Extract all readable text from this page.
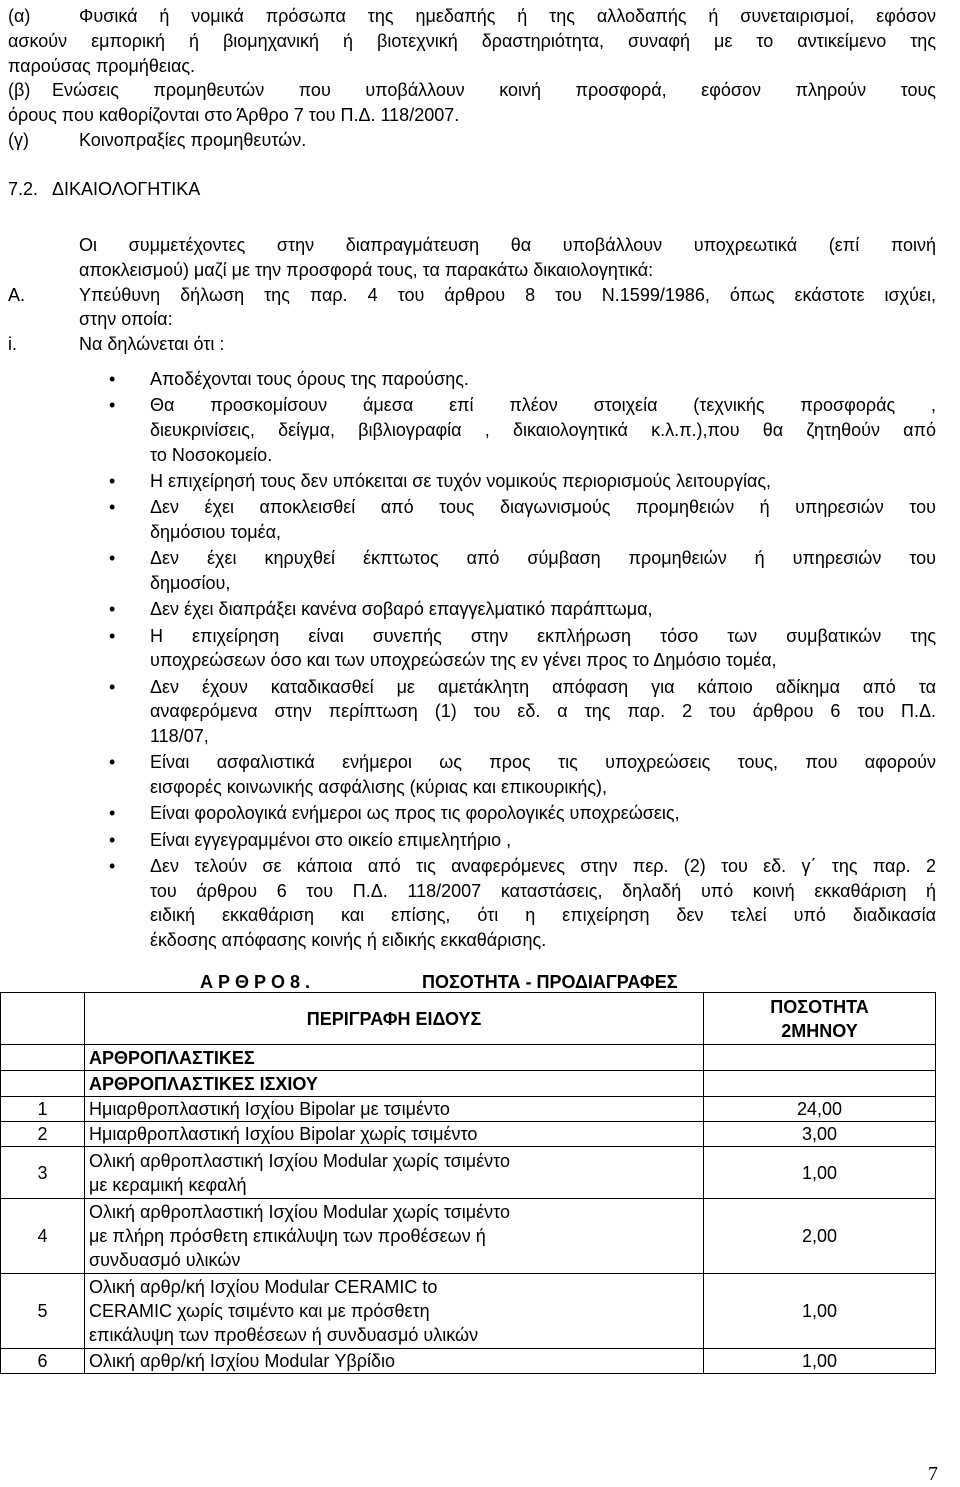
(α)	Φυσικά ή νομικά πρόσωπα της ημεδαπής ή της αλλοδαπής ή συνεταιρισμοί, εφόσον
ασκούν εμπορική ή βιομηχανική ή βιοτεχνική δραστηριότητα, συναφή με το αντικείμενο της
παρούσας προμήθειας.
(β) Ενώσεις προμηθευτών που υποβάλλουν κοινή προσφορά, εφόσον πληρούν τους
όρους που καθορίζονται στο Άρθρο 7 του Π.Δ. 118/2007.
(γ)	Κοινοπραξίες προμηθευτών.
7.2. ΔΙΚΑΙΟΛΟΓΗΤΙΚΑ
Οι συμμετέχοντες στην διαπραγμάτευση θα υποβάλλουν υποχρεωτικά (επί ποινή
αποκλεισμού) μαζί με την προσφορά τους, τα παρακάτω δικαιολογητικά:
Α.	Υπεύθυνη δήλωση της παρ. 4 του άρθρου 8 του Ν.1599/1986, όπως εκάστοτε ισχύει,
στην οποία:
i.	Να δηλώνεται ότι :
• Αποδέχονται τους όρους της παρούσης.
• Θα προσκομίσουν άμεσα επί πλέον στοιχεία (τεχνικής προσφοράς ,
διευκρινίσεις, δείγμα, βιβλιογραφία , δικαιολογητικά κ.λ.π.),που θα ζητηθούν από
το Νοσοκομείο.
• Η επιχείρησή τους δεν υπόκειται σε τυχόν νομικούς περιορισμούς λειτουργίας,
• Δεν έχει αποκλεισθεί από τους διαγωνισμούς προμηθειών ή υπηρεσιών του
δημόσιου τομέα,
• Δεν έχει κηρυχθεί έκπτωτος από σύμβαση προμηθειών ή υπηρεσιών του
δημοσίου,
• Δεν έχει διαπράξει κανένα σοβαρό επαγγελματικό παράπτωμα,
• Η επιχείρηση είναι συνεπής στην εκπλήρωση τόσο των συμβατικών της
υποχρεώσεων όσο και των υποχρεώσεών της εν γένει προς το Δημόσιο τομέα,
• Δεν έχουν καταδικασθεί με αμετάκλητη απόφαση για κάποιο αδίκημα από τα
αναφερόμενα στην περίπτωση (1) του εδ. α της παρ. 2 του άρθρου 6 του Π.Δ.
118/07,
• Είναι ασφαλιστικά ενήμεροι ως προς τις υποχρεώσεις τους, που αφορούν
εισφορές κοινωνικής ασφάλισης (κύριας και επικουρικής),
• Είναι φορολογικά ενήμεροι ως προς τις φορολογικές υποχρεώσεις,
• Είναι εγγεγραμμένοι στο οικείο επιμελητήριο ,
• Δεν τελούν σε κάποια από τις αναφερόμενες στην περ. (2) του εδ. γ΄ της παρ. 2
του άρθρου 6 του Π.Δ. 118/2007 καταστάσεις, δηλαδή υπό κοινή εκκαθάριση ή
ειδική εκκαθάριση και επίσης, ότι η επιχείρηση δεν τελεί υπό διαδικασία
έκδοσης απόφασης κοινής ή ειδικής εκκαθάρισης.
Α Ρ Θ Ρ Ο 8 .	ΠΟΣΟΤΗΤΑ - ΠΡΟΔΙΑΓΡΑΦΕΣ
	ΠΕΡΙΓΡΑΦΗ ΕΙΔΟΥΣ	ΠΟΣΟΤΗΤΑ
2ΜΗΝΟΥ

	ΑΡΘΡΟΠΛΑΣΤΙΚΕΣ	
	ΑΡΘΡΟΠΛΑΣΤΙΚΕΣ ΙΣΧΙΟΥ	
1	Ημιαρθροπλαστική Ισχίου Bipolar με τσιμέντο	24,00
2	Ημιαρθροπλαστική Ισχίου Bipolar χωρίς τσιμέντο	3,00
3	Ολική αρθροπλαστική Ισχίου Modular χωρίς τσιμέντο
με κεραμική κεφαλή	1,00
4	Ολική αρθροπλαστική Ισχίου Modular χωρίς τσιμέντο
με πλήρη πρόσθετη επικάλυψη των προθέσεων ή
συνδυασμό υλικών	2,00
5	Ολική αρθρ/κή Ισχίου Modular CERAMIC to
CERAMIC χωρίς τσιμέντο και με πρόσθετη
επικάλυψη των προθέσεων ή συνδυασμό υλικών	1,00
6	Ολική αρθρ/κή Ισχίου Modular Υβρίδιο	1,00
7
